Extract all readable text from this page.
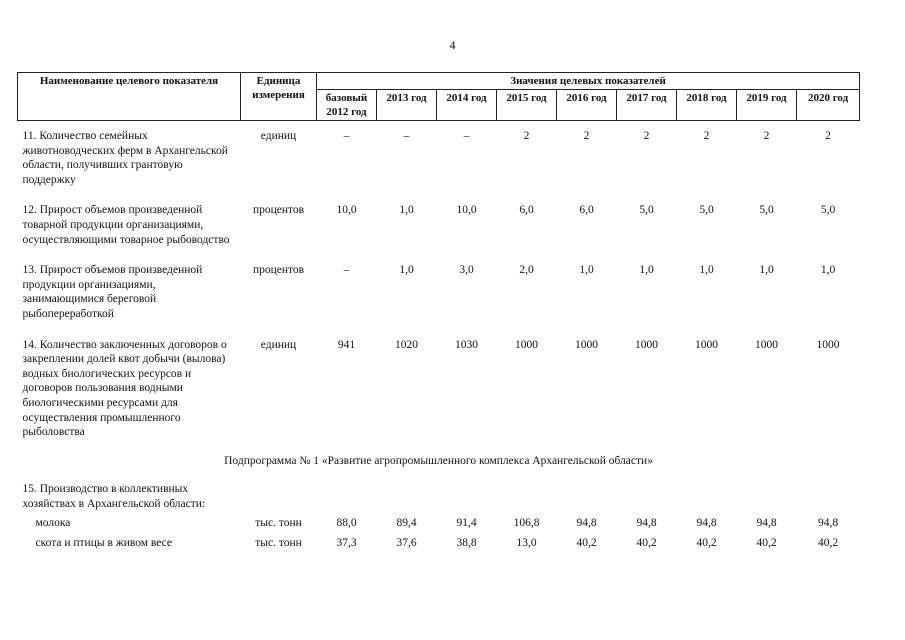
4
Наименование целевого показателя	Единица измерения	Значения целевых показателей								
		базовый 2012 год	2013 год	2014 год	2015 год	2016 год	2017 год	2018 год	2019 год	2020 год

11. Количество семейных животноводческих ферм в Архангельской области, получивших грантовую поддержку	единиц	–	–	–	2	2	2	2	2	2

12. Прирост объемов произведенной товарной продукции организациями, осуществляющими товарное рыбоводство	процентов	10,0	1,0	10,0	6,0	6,0	5,0	5,0	5,0	5,0

13. Прирост объемов произведенной продукции организациями, занимающимися береговой рыбопереработкой	процентов	–	1,0	3,0	2,0	1,0	1,0	1,0	1,0	1,0

14. Количество заключенных договоров о закреплении долей квот добычи (вылова) водных биологических ресурсов и договоров пользования водными биологическими ресурсами для осуществления промышленного рыболовства	единиц	941	1020	1030	1000	1000	1000	1000	1000	1000

Подпрограмма № 1 «Развитие агропромышленного комплекса Архангельской области»										

15. Производство в коллективных хозяйствах в Архангельской области:										

молока	тыс. тонн	88,0	89,4	91,4	106,8	94,8	94,8	94,8	94,8	94,8

скота и птицы в живом весе	тыс. тонн	37,3	37,6	38,8	13,0	40,2	40,2	40,2	40,2	40,2
